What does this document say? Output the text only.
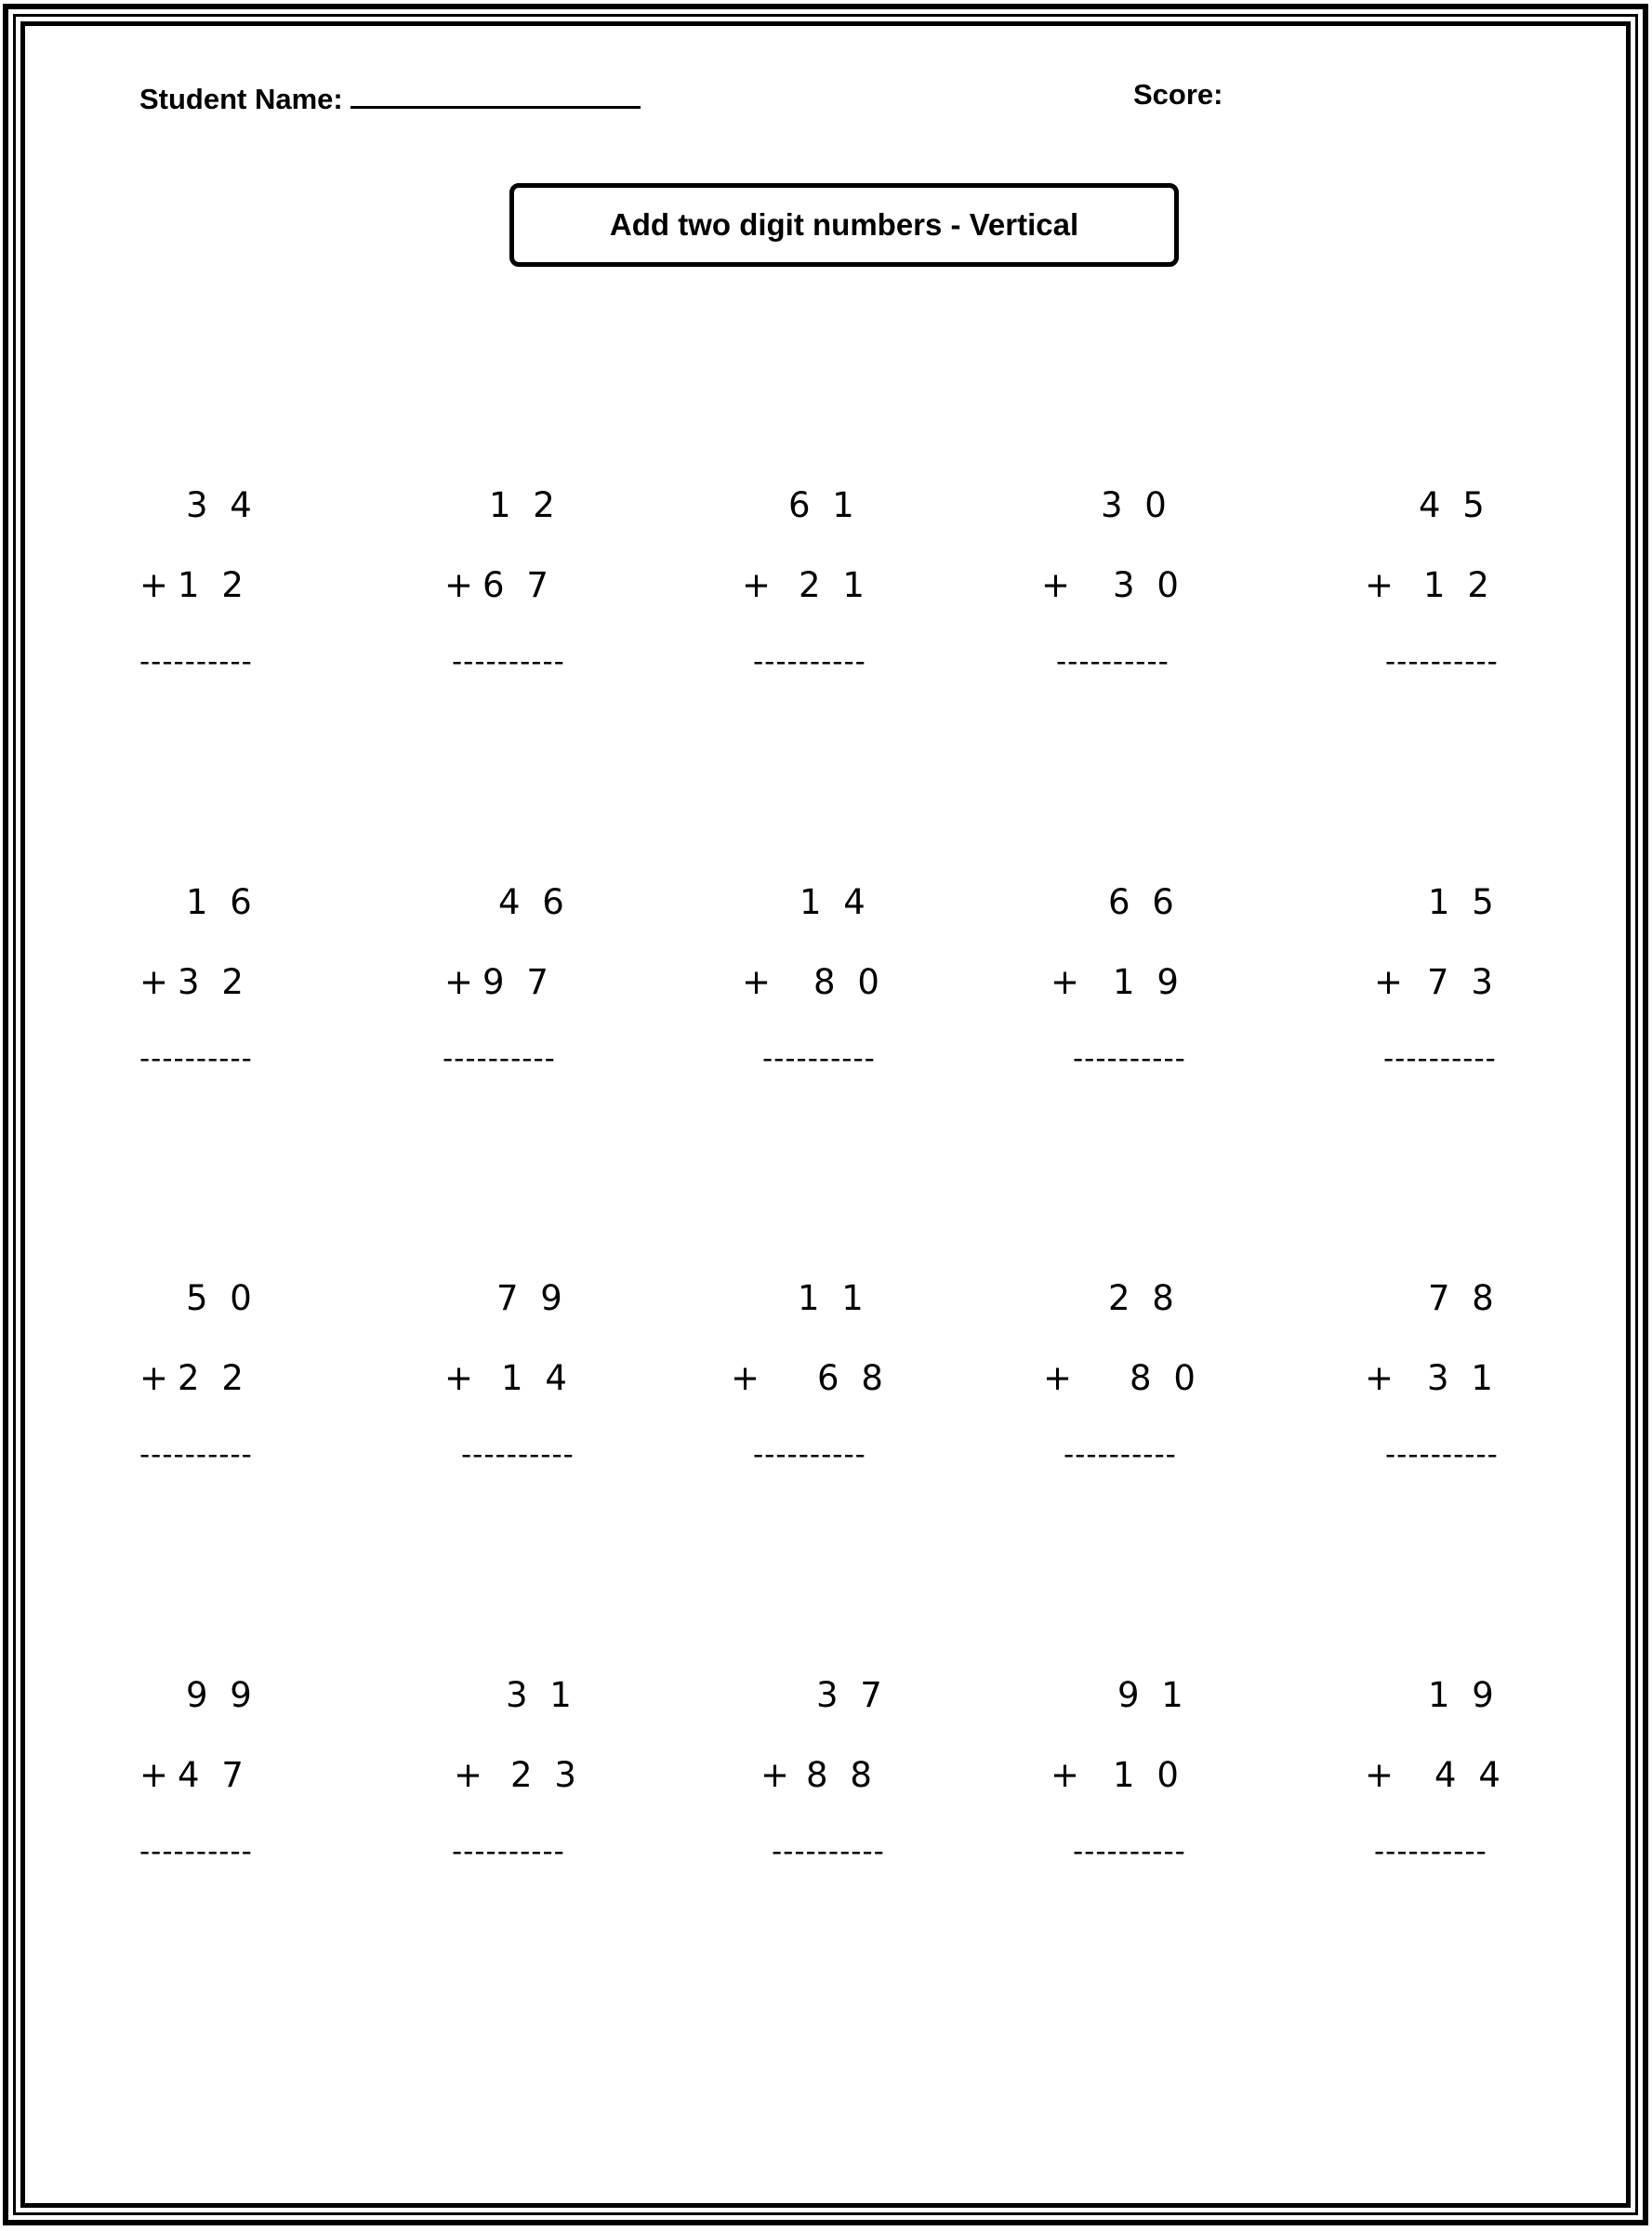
Student Name:	Score:
Add two digit numbers - Vertical
3 4
+ 1 2
----------
1 2
+ 6 7
----------
6 1
+ 2 1
----------
3 0
+ 3 0
----------
4 5
+ 1 2
----------
1 6
+ 3 2
----------
4 6
+ 9 7
----------
1 4
+ 8 0
----------
6 6
+ 1 9
----------
1 5
+ 7 3
----------
5 0
+ 2 2
----------
7 9
+ 1 4
----------
1 1
+ 6 8
----------
2 8
+ 8 0
----------
7 8
+ 3 1
----------
9 9
+ 4 7
----------
3 1
+ 2 3
----------
3 7
+ 8 8
----------
9 1
+ 1 0
----------
1 9
+ 4 4
----------
